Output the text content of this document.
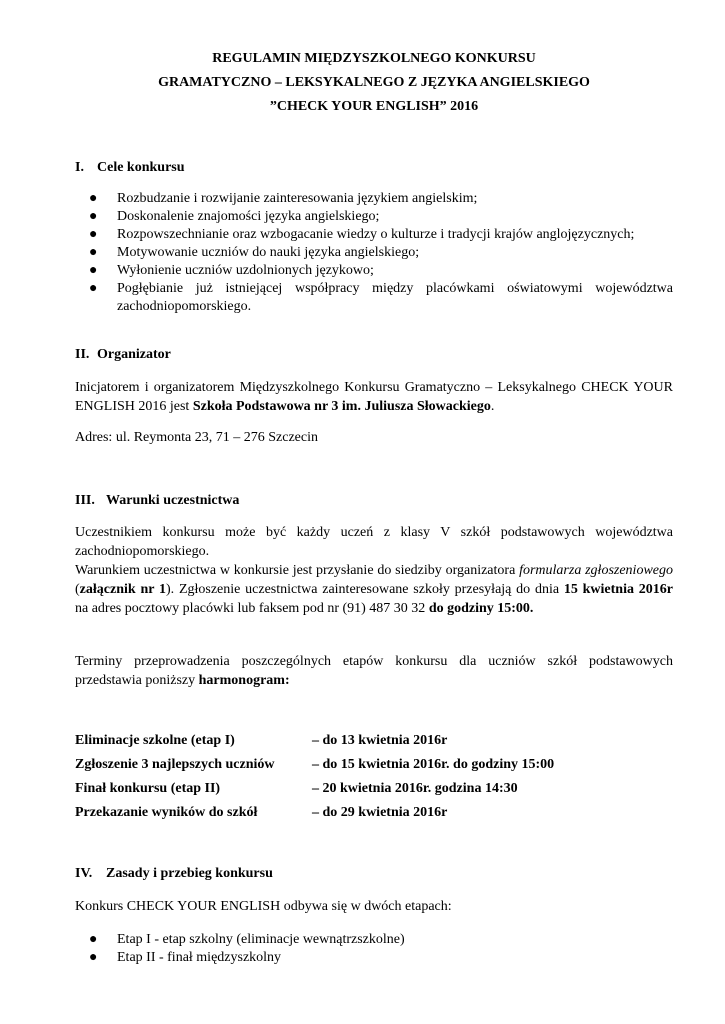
REGULAMIN MIĘDZYSZKOLNEGO KONKURSU
GRAMATYCZNO – LEKSYKALNEGO Z JĘZYKA ANGIELSKIEGO
”CHECK YOUR ENGLISH” 2016
I. Cele konkursu
● Rozbudzanie i rozwijanie zainteresowania językiem angielskim;
● Doskonalenie znajomości języka angielskiego;
● Rozpowszechnianie oraz wzbogacanie wiedzy o kulturze i tradycji krajów anglojęzycznych;
● Motywowanie uczniów do nauki języka angielskiego;
● Wyłonienie uczniów uzdolnionych językowo;
● Pogłębianie już istniejącej współpracy między placówkami oświatowymi województwa zachodniopomorskiego.
II. Organizator
Inicjatorem i organizatorem Międzyszkolnego Konkursu Gramatyczno – Leksykalnego CHECK YOUR ENGLISH 2016 jest Szkoła Podstawowa nr 3 im. Juliusza Słowackiego.
Adres: ul. Reymonta 23, 71 – 276 Szczecin
III. Warunki uczestnictwa
Uczestnikiem konkursu może być każdy uczeń z klasy V szkół podstawowych województwa zachodniopomorskiego.
Warunkiem uczestnictwa w konkursie jest przysłanie do siedziby organizatora formularza zgłoszeniowego (załącznik nr 1). Zgłoszenie uczestnictwa zainteresowane szkoły przesyłają do dnia 15 kwietnia 2016r na adres pocztowy placówki lub faksem pod nr (91) 487 30 32 do godziny 15:00.
Terminy przeprowadzenia poszczególnych etapów konkursu dla uczniów szkół podstawowych przedstawia poniższy harmonogram:
Eliminacje szkolne (etap I)	– do 13 kwietnia 2016r
Zgłoszenie 3 najlepszych uczniów	– do 15 kwietnia 2016r. do godziny 15:00
Finał konkursu (etap II)	– 20 kwietnia 2016r. godzina 14:30
Przekazanie wyników do szkół	– do 29 kwietnia 2016r
IV. Zasady i przebieg konkursu
Konkurs CHECK YOUR ENGLISH odbywa się w dwóch etapach:
● Etap I - etap szkolny (eliminacje wewnątrzszkolne)
● Etap II - finał międzyszkolny
